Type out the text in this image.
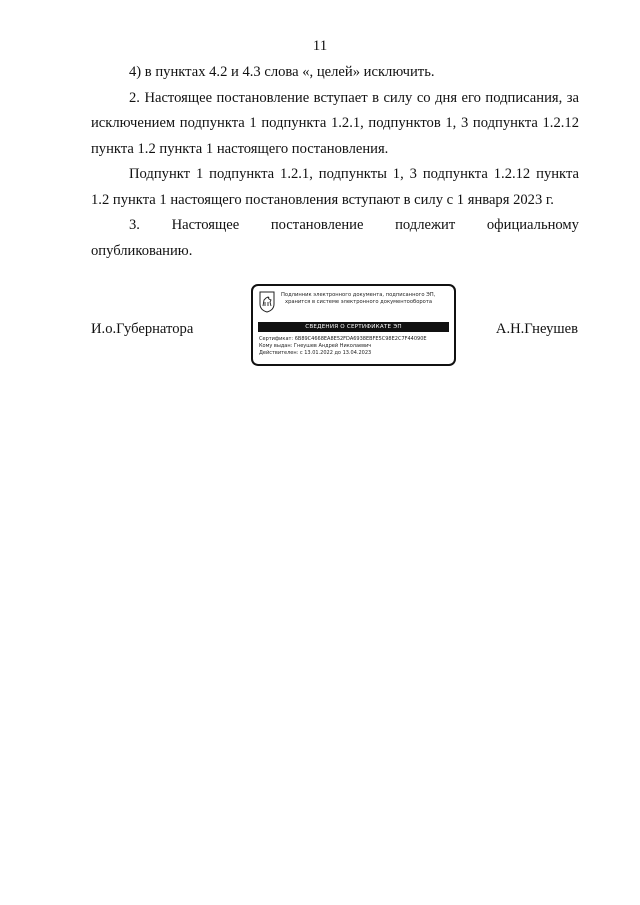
11

4) в пунктах 4.2 и 4.3 слова «, целей» исключить.

2. Настоящее постановление вступает в силу со дня его подписания, за исключением подпункта 1 подпункта 1.2.1, подпунктов 1, 3 подпункта 1.2.12 пункта 1.2 пункта 1 настоящего постановления.

Подпункт 1 подпункта 1.2.1, подпункты 1, 3 подпункта 1.2.12 пункта 1.2 пункта 1 настоящего постановления вступают в силу с 1 января 2023 г.

3. Настоящее постановление подлежит официальному
опубликованию.
И.о.Губернатора
Подлинник электронного документа, подписанного ЭП,
хранится в системе электронного документооборота
СВЕДЕНИЯ О СЕРТИФИКАТЕ ЭП
Сертификат: 6B89C4668EA8E52FDA6938EBFE5C98E2C7F44090E
Кому выдан: Гнеушев Андрей Николаевич
Действителен: с 13.01.2022 до 13.04.2023
А.Н.Гнеушев
